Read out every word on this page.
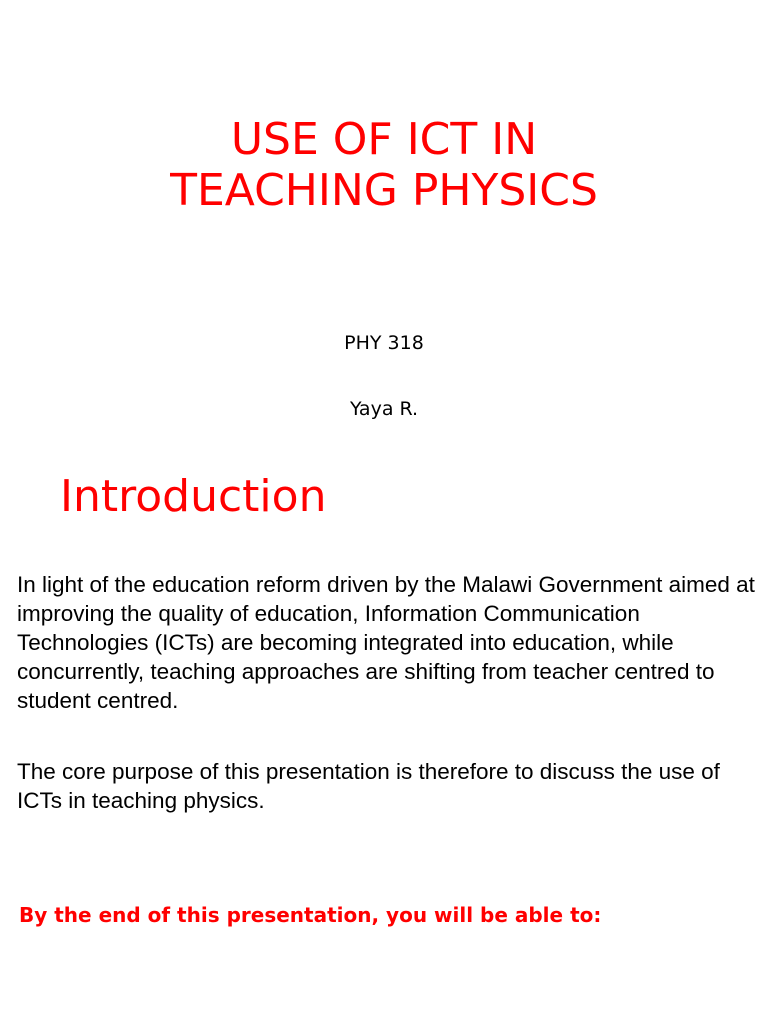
USE OF ICT IN
TEACHING PHYSICS
PHY 318
Yaya R.
Introduction
In light of the education reform driven by the Malawi Government aimed at improving the quality of education, Information Communication Technologies (ICTs) are becoming integrated into education, while concurrently, teaching approaches are shifting from teacher centred to student centred.
The core purpose of this presentation is therefore to discuss the use of ICTs in teaching physics.
By the end of this presentation, you will be able to:
